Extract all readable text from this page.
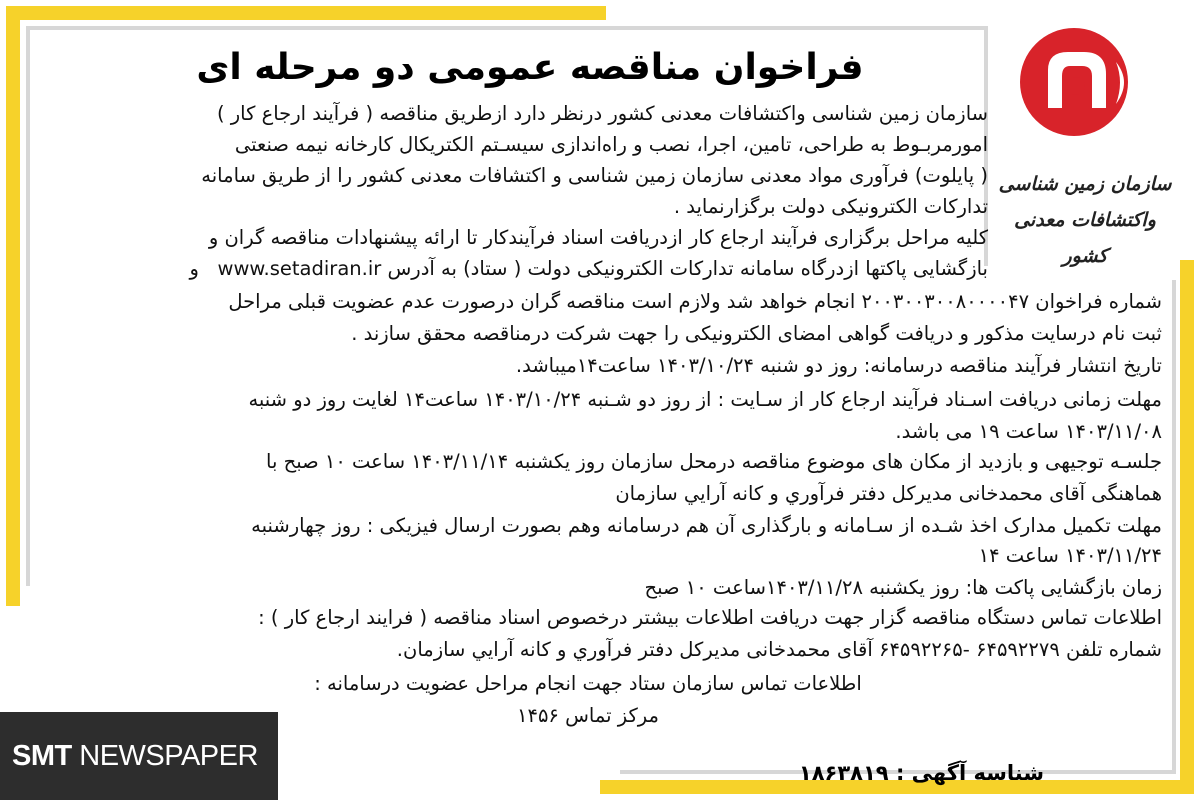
سازمان زمین شناسی
واکتشافات معدنی کشور
فراخوان مناقصه عمومی دو مرحله ای
سازمان زمین شناسی واکتشافات معدنی کشور درنظر دارد ازطریق مناقصه ( فرآیند ارجاع کار )
امورمربـوط به طراحی، تامین، اجرا، نصب و راه‌اندازی سیسـتم الکتریکال کارخانه نیمه صنعتی
( پایلوت) فرآوری مواد معدنی سازمان زمین شناسی و اکتشافات معدنی کشور را از طریق سامانه
تدارکات الکترونیکی دولت برگزارنماید .
کلیه مراحل برگزاری فرآیند ارجاع کار ازدریافت اسناد فرآیندکار تا ارائه پیشنهادات مناقصه گران و
بازگشایی پاکتها ازدرگاه سامانه تدارکات الکترونیکی دولت ( ستاد) به آدرس www.setadiran.ir   و
شماره فراخوان ۲۰۰۳۰۰۳۰۰۸۰۰۰۰۴۷ انجام خواهد شد ولازم است مناقصه گران درصورت عدم عضویت قبلی مراحل
ثبت نام درسایت مذکور و دریافت گواهی امضای الکترونیکی را جهت شرکت درمناقصه محقق سازند .
تاریخ انتشار فرآیند مناقصه درسامانه: روز دو شنبه ۱۴۰۳/۱۰/۲۴ ساعت۱۴میباشد.
مهلت زمانی دریافت اسـناد فرآیند ارجاع کار از سـایت : از روز دو شـنبه ۱۴۰۳/۱۰/۲۴ ساعت۱۴ لغایت روز دو شنبه
۱۴۰۳/۱۱/۰۸ ساعت ۱۹ می باشد.
جلسـه توجیهی و بازدید از مکان های موضوع مناقصه درمحل سازمان روز یکشنبه ۱۴۰۳/۱۱/۱۴ ساعت ۱۰ صبح با
هماهنگی آقای محمدخانی مدیرکل دفتر فرآوري و کانه آرايي سازمان
مهلت تکمیل مدارک اخذ شـده از سـامانه و بارگذاری آن هم درسامانه وهم بصورت ارسال فیزیکی : روز چهارشنبه
۱۴۰۳/۱۱/۲۴ ساعت ۱۴
زمان بازگشایی پاکت ها: روز یکشنبه ۱۴۰۳/۱۱/۲۸ساعت ۱۰ صبح
اطلاعات تماس دستگاه مناقصه گزار جهت دریافت اطلاعات بیشتر درخصوص اسناد مناقصه ( فرایند ارجاع کار ) :
شماره تلفن ۶۴۵۹۲۲۷۹ -۶۴۵۹۲۲۶۵ آقای محمدخانی مدیرکل دفتر فرآوري و کانه آرايي سازمان.
اطلاعات تماس سازمان ستاد جهت انجام مراحل عضویت درسامانه :
مرکز تماس ۱۴۵۶
شناسه آگهی : ۱۸۶۳۸۱۹
SMT NEWSPAPER
